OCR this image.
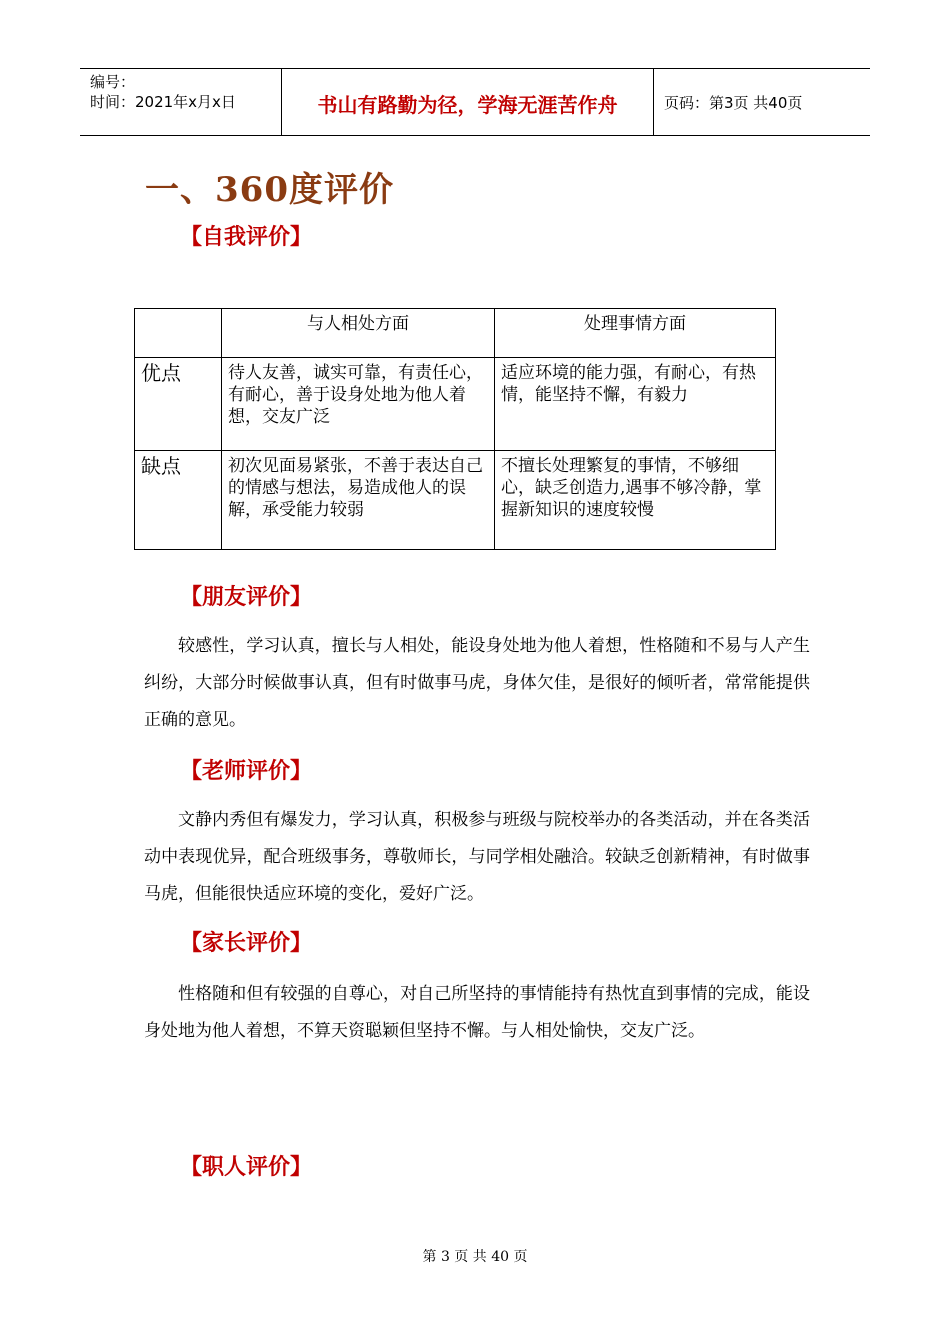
编号：
时间：2021年x月x日	书山有路勤为径，学海无涯苦作舟	页码：第3页 共40页
一、360度评价
【自我评价】
	与人相处方面	处理事情方面
优点	待人友善，诚实可靠，有责任心，有耐心，善于设身处地为他人着想，交友广泛	适应环境的能力强，有耐心，有热情，能坚持不懈，有毅力
缺点	初次见面易紧张，不善于表达自己的情感与想法，易造成他人的误解，承受能力较弱	不擅长处理繁复的事情，不够细心，缺乏创造力,遇事不够冷静，掌握新知识的速度较慢
【朋友评价】

较感性，学习认真，擅长与人相处，能设身处地为他人着想，性格随和不易与人产生纠纷，大部分时候做事认真，但有时做事马虎，身体欠佳，是很好的倾听者，常常能提供正确的意见。

【老师评价】

文静内秀但有爆发力，学习认真，积极参与班级与院校举办的各类活动，并在各类活动中表现优异，配合班级事务，尊敬师长，与同学相处融洽。较缺乏创新精神，有时做事马虎，但能很快适应环境的变化，爱好广泛。

【家长评价】

性格随和但有较强的自尊心，对自己所坚持的事情能持有热忱直到事情的完成，能设身处地为他人着想，不算天资聪颖但坚持不懈。与人相处愉快，交友广泛。

【职人评价】
第 3 页 共 40 页
